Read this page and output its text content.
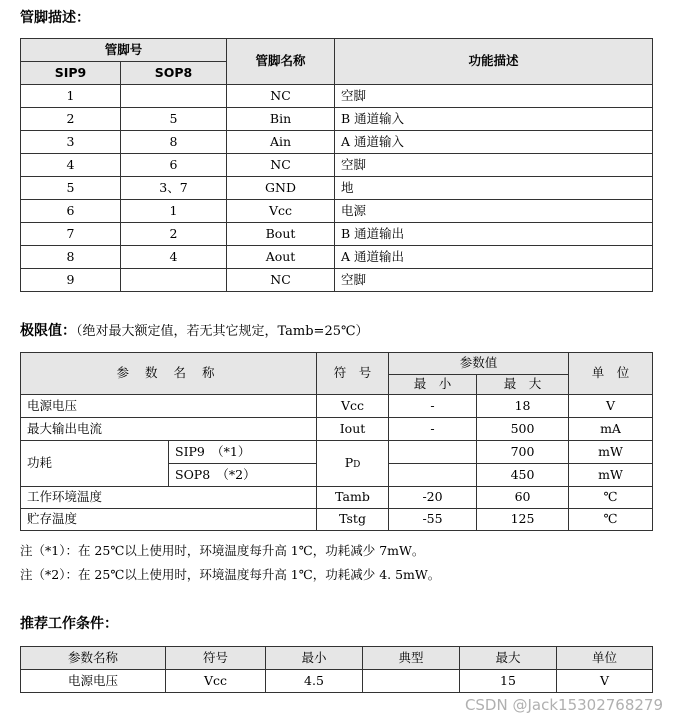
管脚描述：
管脚号		管脚名称	功能描述
SIP9	SOP8		
1		NC	空脚
2	5	Bin	B 通道输入
3	8	Ain	A 通道输入
4	6	NC	空脚
5	3、7	GND	地
6	1	Vcc	电源
7	2	Bout	B 通道输出
8	4	Aout	A 通道输出
9		NC	空脚
极限值：（绝对最大额定值，若无其它规定，Tamb=25℃）
参 数 名 称		符　号	参数值		单　位
			最　小	最　大	
电源电压		Vcc	-	18	V
最大输出电流		Iout	-	500	mA
功耗	SIP9　（*1）	PD		700	mW
	SOP8　（*2）			450	mW
工作环境温度		Tamb	-20	60	℃
贮存温度		Tstg	-55	125	℃
注（*1）：在 25℃以上使用时，环境温度每升高 1℃，功耗减少 7mW。
注（*2）：在 25℃以上使用时，环境温度每升高 1℃，功耗减少 4. 5mW。
推荐工作条件：
参数名称	符号	最小	典型	最大	单位
电源电压	Vcc	4.5		15	V
CSDN @Jack15302768279
